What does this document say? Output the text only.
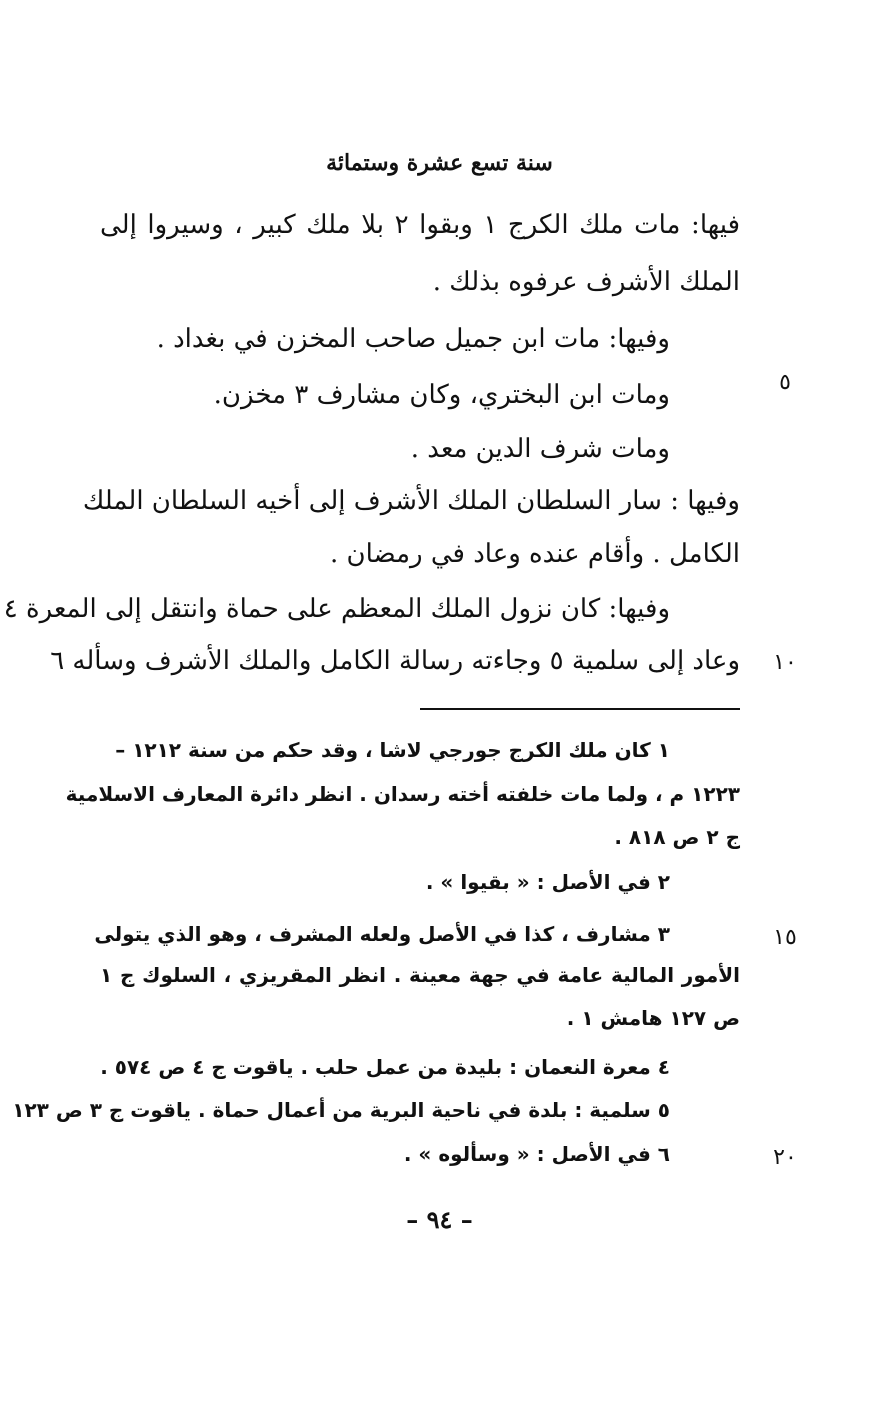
سنة تسع عشرة وستمائة
فيها: مات ملك الكرج ١ وبقوا ٢ بلا ملك كبير ، وسيروا إلى
الملك الأشرف عرفوه بذلك .
وفيها: مات ابن جميل صاحب المخزن في بغداد .
ومات ابن البختري، وكان مشارف ٣ مخزن.
ومات شرف الدين معد .
وفيها : سار السلطان الملك الأشرف إلى أخيه السلطان الملك
الكامل . وأقام عنده وعاد في رمضان .
وفيها: كان نزول الملك المعظم على حماة وانتقل إلى المعرة ٤
وعاد إلى سلمية ٥ وجاءته رسالة الكامل والملك الأشرف وسأله ٦
٥
١٠
١٥
٢٠
١ كان ملك الكرج جورجي لاشا ، وقد حكم من سنة ١٢١٢ –
١٢٢٣ م ، ولما مات خلفته أخته رسدان . انظر دائرة المعارف الاسلامية
ج ٢ ص ٨١٨ .
٢ في الأصل : « بقيوا » .
٣ مشارف ، كذا في الأصل ولعله المشرف ، وهو الذي يتولى
الأمور المالية عامة في جهة معينة . انظر المقريزي ، السلوك ج ١
ص ١٢٧ هامش ١ .
٤ معرة النعمان : بليدة من عمل حلب . ياقوت ج ٤ ص ٥٧٤ .
٥ سلمية : بلدة في ناحية البرية من أعمال حماة . ياقوت ج ٣ ص ١٢٣
٦ في الأصل : « وسألوه » .
– ٩٤ –
